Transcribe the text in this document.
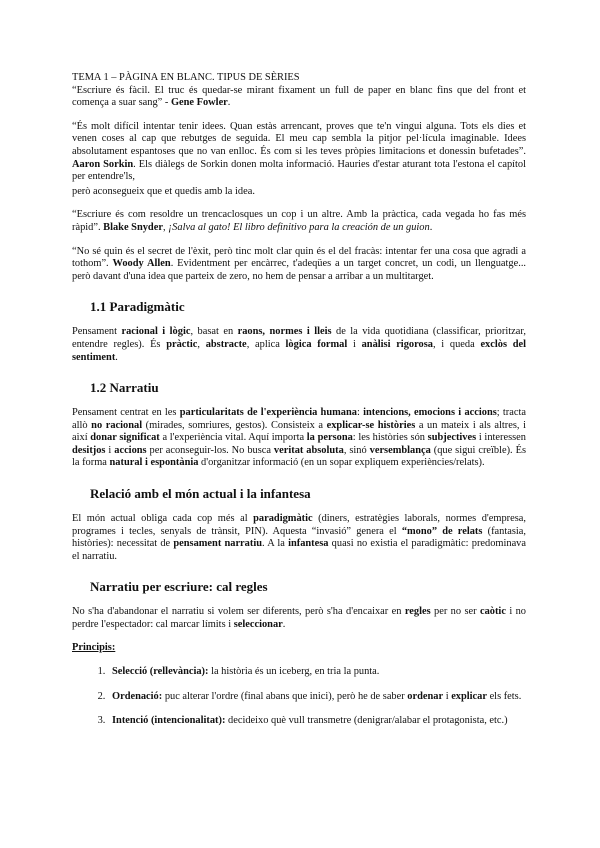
TEMA 1 – PÀGINA EN BLANC. TIPUS DE SÈRIES

“Escriure és fàcil. El truc és quedar-se mirant fixament un full de paper en blanc fins que del front et comença a suar sang” - Gene Fowler.

“És molt difícil intentar tenir idees. Quan estàs arrencant, proves que te'n vingui alguna. Tots els dies et venen coses al cap que rebutges de seguida. El meu cap sembla la pitjor pel·lícula imaginable. Idees absolutament espantoses que no van enlloc. És com si les teves pròpies limitacions et donessin bufetades”. Aaron Sorkin. Els diàlegs de Sorkin donen molta informació. Hauries d'estar aturant tota l'estona el capítol per entendre'ls,

però aconsegueix que et quedis amb la idea.

“Escriure és com resoldre un trencaclosques un cop i un altre. Amb la pràctica, cada vegada ho fas més ràpid”. Blake Snyder, ¡Salva al gato! El libro definitivo para la creación de un guion.

“No sé quin és el secret de l'èxit, però tinc molt clar quin és el del fracàs: intentar fer una cosa que agradi a tothom”. Woody Allen. Evidentment per encàrrec, t'adeqües a un target concret, un codi, un llenguatge... però davant d'una idea que parteix de zero, no hem de pensar a arribar a un multitarget.

1.1 Paradigmàtic

Pensament racional i lògic, basat en raons, normes i lleis de la vida quotidiana (classificar, prioritzar, entendre regles). És pràctic, abstracte, aplica lògica formal i anàlisi rigorosa, i queda exclòs del sentiment.

1.2 Narratiu

Pensament centrat en les particularitats de l'experiència humana: intencions, emocions i accions; tracta allò no racional (mirades, somriures, gestos). Consisteix a explicar-se històries a un mateix i als altres, i així donar significat a l'experiència vital. Aquí importa la persona: les històries són subjectives i interessen desitjos i accions per aconseguir-los. No busca veritat absoluta, sinó versemblança (que sigui creïble). És la forma natural i espontània d'organitzar informació (en un sopar expliquem experiències/relats).

Relació amb el món actual i la infantesa

El món actual obliga cada cop més al paradigmàtic (diners, estratègies laborals, normes d'empresa, programes i tecles, senyals de trànsit, PIN). Aquesta “invasió” genera el “mono” de relats (fantasia, històries): necessitat de pensament narratiu. A la infantesa quasi no existia el paradigmàtic: predominava el narratiu.

Narratiu per escriure: cal regles

No s'ha d'abandonar el narratiu si volem ser diferents, però s'ha d'encaixar en regles per no ser caòtic i no perdre l'espectador: cal marcar límits i seleccionar.

Principis:

1. Selecció (rellevància): la història és un iceberg, en tria la punta.
2. Ordenació: puc alterar l'ordre (final abans que inici), però he de saber ordenar i explicar els fets.
3. Intenció (intencionalitat): decideixo què vull transmetre (denigrar/alabar el protagonista, etc.)
